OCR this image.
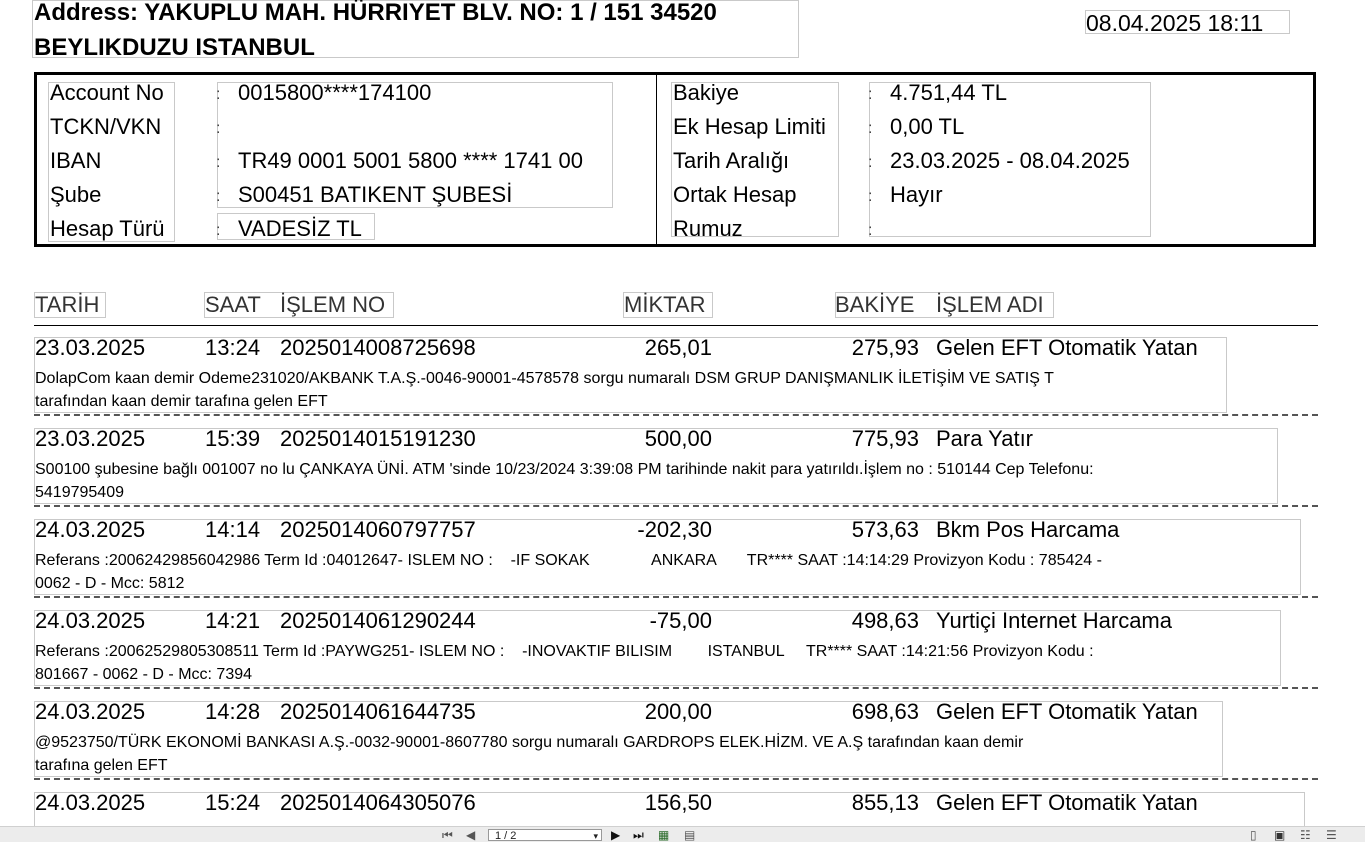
Address: YAKUPLU MAH. HÜRRIYET BLV. NO: 1 / 151 34520
BEYLIKDUZU ISTANBUL
08.04.2025 18:11
Account No	: 0015800****174100
TCKN/VKN	:
IBAN	: TR49 0001 5001 5800 **** 1741 00
Şube	: S00451 BATIKENT ŞUBESİ
Hesap Türü	: VADESİZ TL
Bakiye	: 4.751,44 TL
Ek Hesap Limiti	: 0,00 TL
Tarih Aralığı	: 23.03.2025 - 08.04.2025
Ortak Hesap	: Hayır
Rumuz	:
TARİH	SAAT İŞLEM NO	MİKTAR	BAKİYE İŞLEM ADI
23.03.2025	13:24 2025014008725698	265,01	275,93 Gelen EFT Otomatik Yatan
DolapCom kaan demir Odeme231020/AKBANK T.A.Ş.-0046-90001-4578578 sorgu numaralı DSM GRUP DANIŞMANLIK İLETİŞİM VE SATIŞ T
tarafından kaan demir tarafına gelen EFT
23.03.2025	15:39 2025014015191230	500,00	775,93 Para Yatır
S00100 şubesine bağlı 001007 no lu ÇANKAYA ÜNİ. ATM 'sinde 10/23/2024 3:39:08 PM tarihinde nakit para yatırıldı.İşlem no : 510144 Cep Telefonu:
5419795409
24.03.2025	14:14 2025014060797757	-202,30	573,63 Bkm Pos Harcama
Referans :20062429856042986 Term Id :04012647- ISLEM NO :    -IF SOKAK              ANKARA       TR**** SAAT :14:14:29 Provizyon Kodu : 785424 -
0062 - D - Mcc: 5812
24.03.2025	14:21 2025014061290244	-75,00	498,63 Yurtiçi Internet Harcama
Referans :20062529805308511 Term Id :PAYWG251- ISLEM NO :    -INOVAKTIF BILISIM        ISTANBUL     TR**** SAAT :14:21:56 Provizyon Kodu :
801667 - 0062 - D - Mcc: 7394
24.03.2025	14:28 2025014061644735	200,00	698,63 Gelen EFT Otomatik Yatan
@9523750/TÜRK EKONOMİ BANKASI A.Ş.-0032-90001-8607780 sorgu numaralı GARDROPS ELEK.HİZM. VE A.Ş tarafından kaan demir
tarafına gelen EFT
24.03.2025	15:24 2025014064305076	156,50	855,13 Gelen EFT Otomatik Yatan
⏮ ◀	1 / 2	▾ ▶ ⏭ ▦ ▤	▯ ▣ ☷ ☰
